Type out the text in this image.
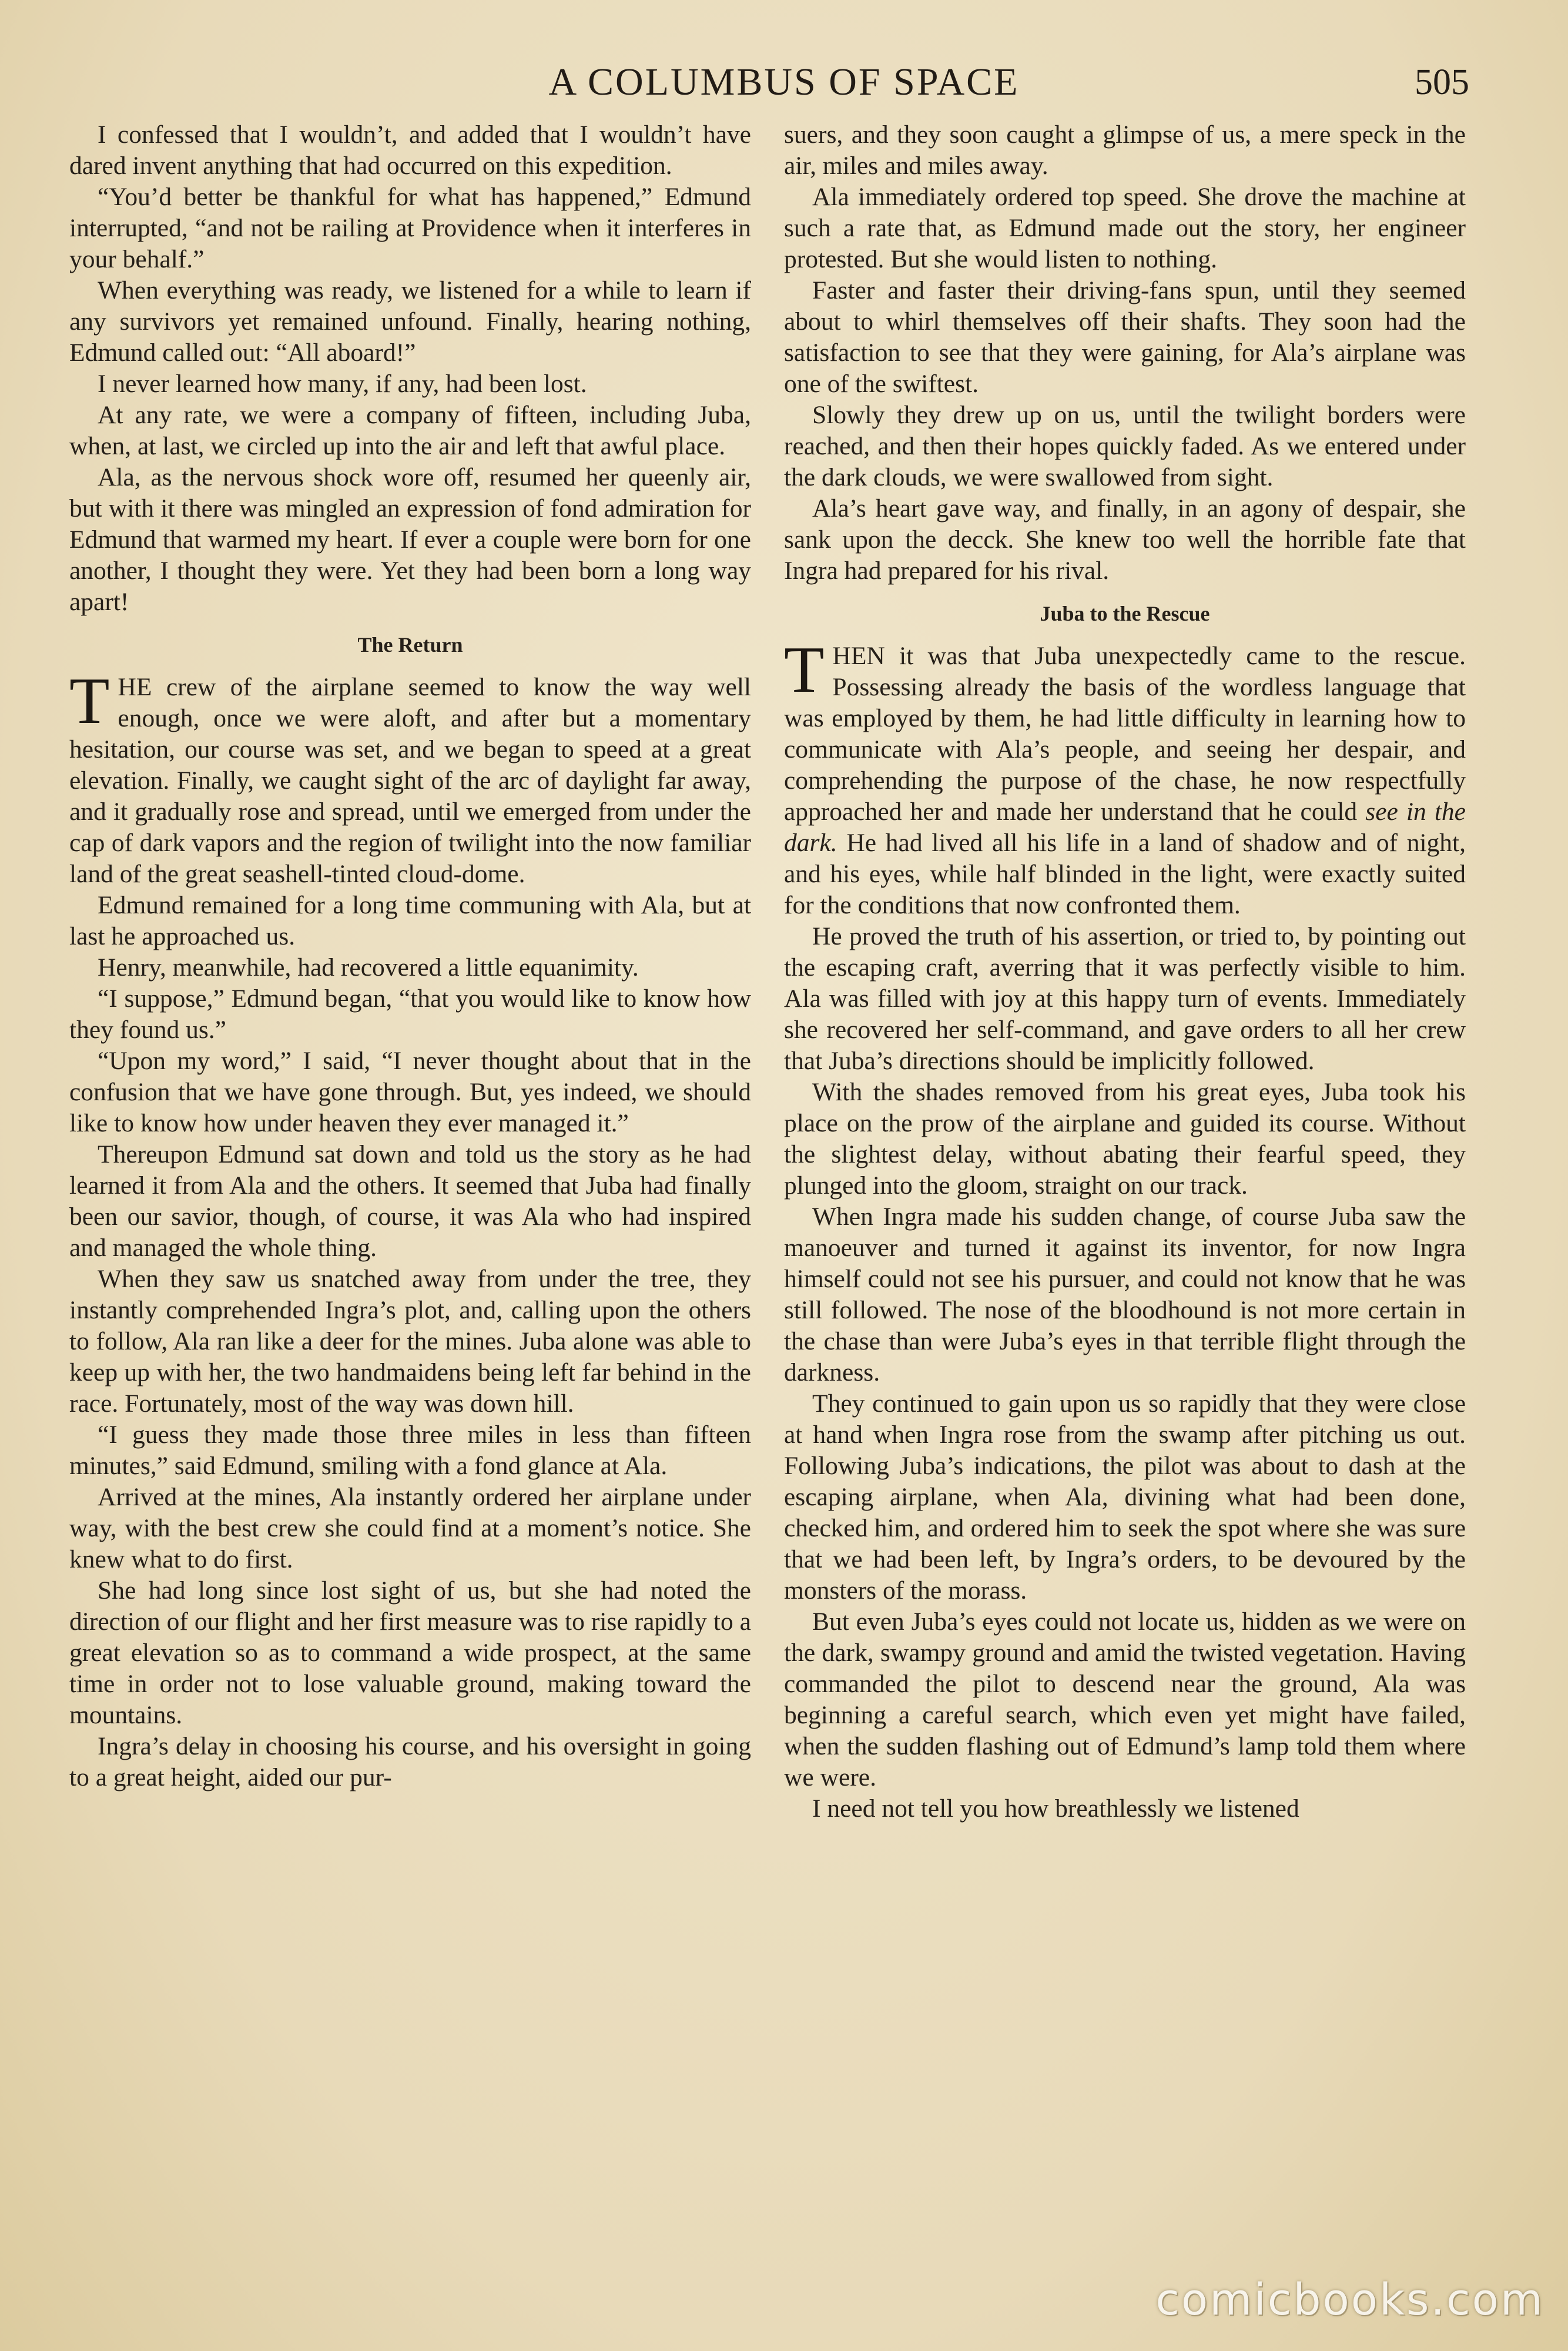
A COLUMBUS OF SPACE	505

I confessed that I wouldn’t, and added that I wouldn’t have dared invent anything that had occurred on this expedition.

“You’d better be thankful for what has happened,” Edmund interrupted, “and not be railing at Providence when it interferes in your behalf.”

When everything was ready, we listened for a while to learn if any survivors yet remained unfound. Finally, hearing nothing, Edmund called out: “All aboard!”

I never learned how many, if any, had been lost.

At any rate, we were a company of fifteen, including Juba, when, at last, we circled up into the air and left that awful place.

Ala, as the nervous shock wore off, resumed her queenly air, but with it there was mingled an expression of fond admiration for Edmund that warmed my heart. If ever a couple were born for one another, I thought they were. Yet they had been born a long way apart!

The Return

THE crew of the airplane seemed to know the way well enough, once we were aloft, and after but a momentary hesitation, our course was set, and we began to speed at a great elevation. Finally, we caught sight of the arc of daylight far away, and it gradually rose and spread, until we emerged from under the cap of dark vapors and the region of twilight into the now familiar land of the great seashell-tinted cloud-dome.

Edmund remained for a long time communing with Ala, but at last he approached us.

Henry, meanwhile, had recovered a little equanimity.

“I suppose,” Edmund began, “that you would like to know how they found us.”

“Upon my word,” I said, “I never thought about that in the confusion that we have gone through. But, yes indeed, we should like to know how under heaven they ever managed it.”

Thereupon Edmund sat down and told us the story as he had learned it from Ala and the others. It seemed that Juba had finally been our savior, though, of course, it was Ala who had inspired and managed the whole thing.

When they saw us snatched away from under the tree, they instantly comprehended Ingra’s plot, and, calling upon the others to follow, Ala ran like a deer for the mines. Juba alone was able to keep up with her, the two handmaidens being left far behind in the race. Fortunately, most of the way was down hill.

“I guess they made those three miles in less than fifteen minutes,” said Edmund, smiling with a fond glance at Ala.

Arrived at the mines, Ala instantly ordered her airplane under way, with the best crew she could find at a moment’s notice. She knew what to do first.

She had long since lost sight of us, but she had noted the direction of our flight and her first measure was to rise rapidly to a great elevation so as to command a wide prospect, at the same time in order not to lose valuable ground, making toward the mountains.

Ingra’s delay in choosing his course, and his oversight in going to a great height, aided our pur-

suers, and they soon caught a glimpse of us, a mere speck in the air, miles and miles away.

Ala immediately ordered top speed. She drove the machine at such a rate that, as Edmund made out the story, her engineer protested. But she would listen to nothing.

Faster and faster their driving-fans spun, until they seemed about to whirl themselves off their shafts. They soon had the satisfaction to see that they were gaining, for Ala’s airplane was one of the swiftest.

Slowly they drew up on us, until the twilight borders were reached, and then their hopes quickly faded. As we entered under the dark clouds, we were swallowed from sight.

Ala’s heart gave way, and finally, in an agony of despair, she sank upon the decck. She knew too well the horrible fate that Ingra had prepared for his rival.

Juba to the Rescue

THEN it was that Juba unexpectedly came to the rescue. Possessing already the basis of the wordless language that was employed by them, he had little difficulty in learning how to communicate with Ala’s people, and seeing her despair, and comprehending the purpose of the chase, he now respectfully approached her and made her understand that he could see in the dark. He had lived all his life in a land of shadow and of night, and his eyes, while half blinded in the light, were exactly suited for the conditions that now confronted them.

He proved the truth of his assertion, or tried to, by pointing out the escaping craft, averring that it was perfectly visible to him. Ala was filled with joy at this happy turn of events. Immediately she recovered her self-command, and gave orders to all her crew that Juba’s directions should be implicitly followed.

With the shades removed from his great eyes, Juba took his place on the prow of the airplane and guided its course. Without the slightest delay, without abating their fearful speed, they plunged into the gloom, straight on our track.

When Ingra made his sudden change, of course Juba saw the manoeuver and turned it against its inventor, for now Ingra himself could not see his pursuer, and could not know that he was still followed. The nose of the bloodhound is not more certain in the chase than were Juba’s eyes in that terrible flight through the darkness.

They continued to gain upon us so rapidly that they were close at hand when Ingra rose from the swamp after pitching us out. Following Juba’s indications, the pilot was about to dash at the escaping airplane, when Ala, divining what had been done, checked him, and ordered him to seek the spot where she was sure that we had been left, by Ingra’s orders, to be devoured by the monsters of the morass.

But even Juba’s eyes could not locate us, hidden as we were on the dark, swampy ground and amid the twisted vegetation. Having commanded the pilot to descend near the ground, Ala was beginning a careful search, which even yet might have failed, when the sudden flashing out of Edmund’s lamp told them where we were.

I need not tell you how breathlessly we listened

comicbooks.com
